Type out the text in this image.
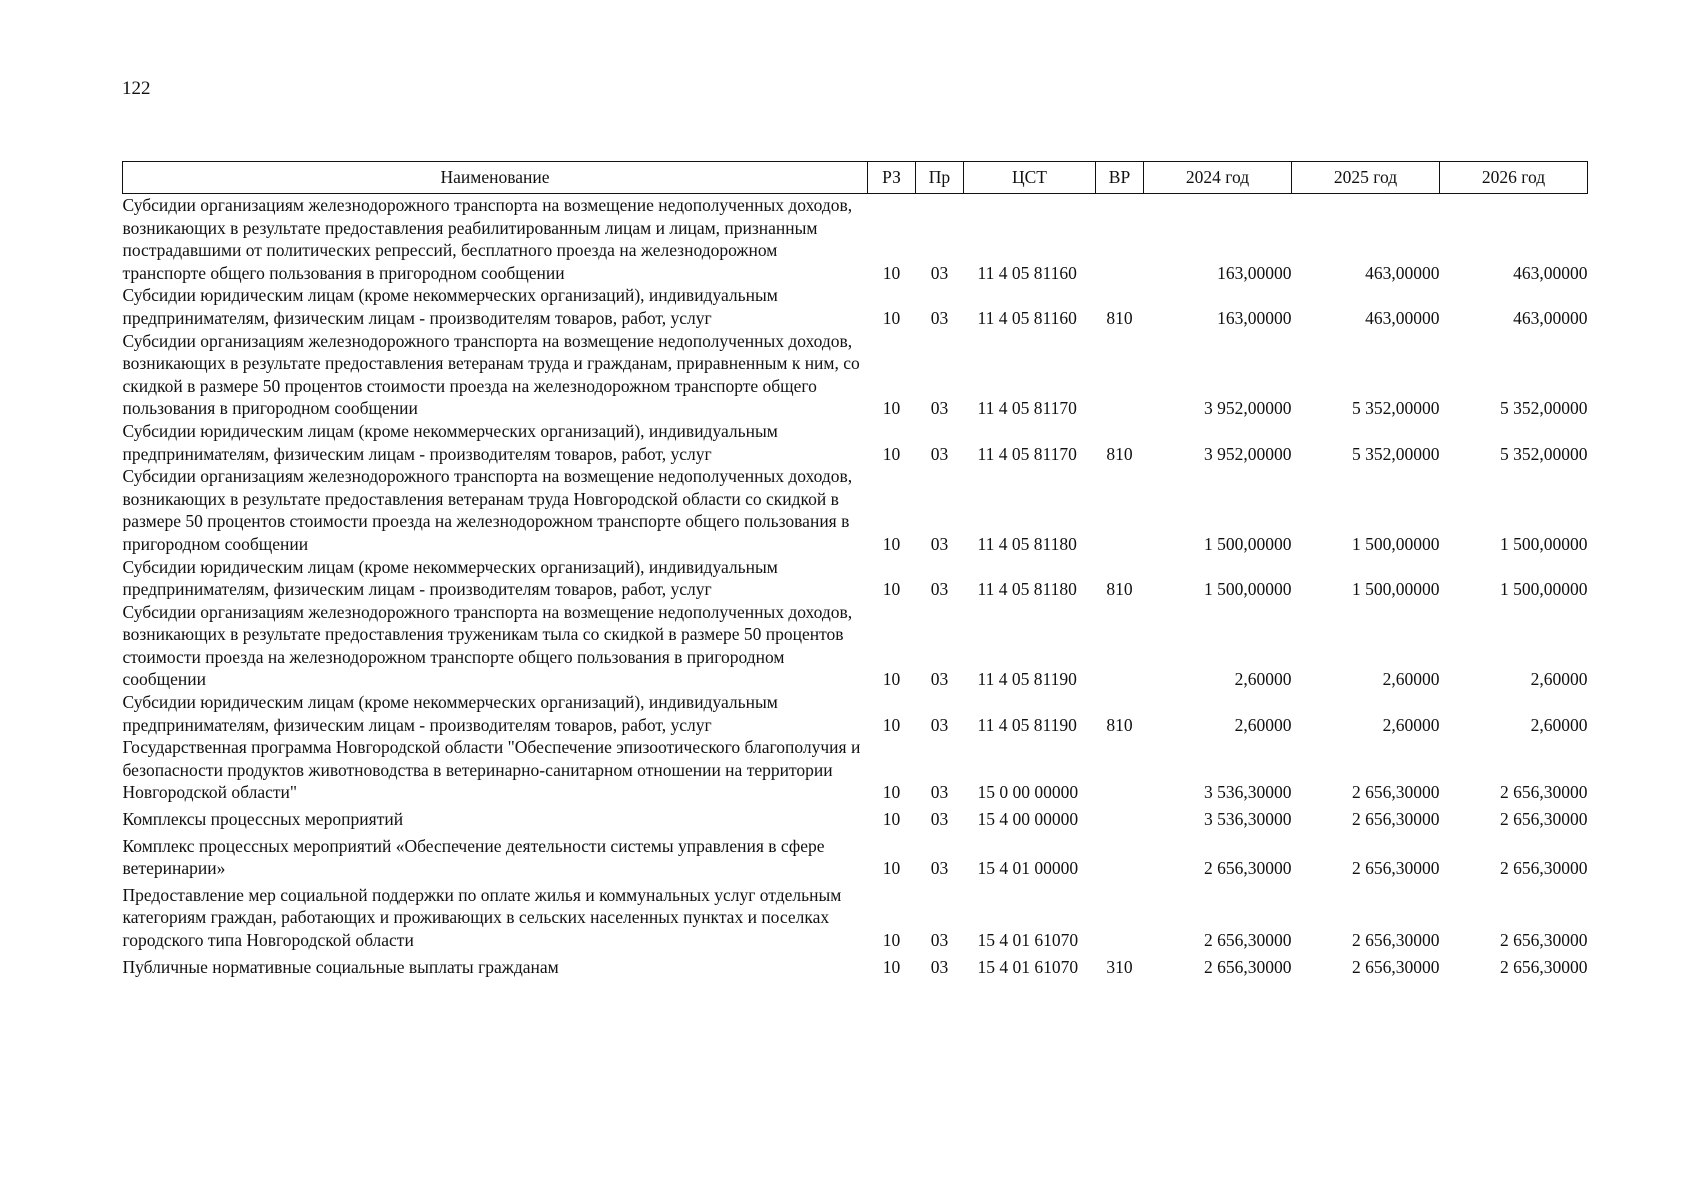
122
Наименование	РЗ	Пр	ЦСТ	ВР	2024 год	2025 год	2026 год
Субсидии организациям железнодорожного транспорта на возмещение недополученных доходов, возникающих в результате предоставления реабилитированным лицам и лицам, признанным пострадавшими от политических репрессий, бесплатного проезда на железнодорожном транспорте общего пользования в пригородном сообщении	10	03	11 4 05 81160		163,00000	463,00000	463,00000
Субсидии юридическим лицам (кроме некоммерческих организаций), индивидуальным предпринимателям, физическим лицам - производителям товаров, работ, услуг	10	03	11 4 05 81160	810	163,00000	463,00000	463,00000
Субсидии организациям железнодорожного транспорта на возмещение недополученных доходов, возникающих в результате предоставления ветеранам труда и гражданам, приравненным к ним, со скидкой в размере 50 процентов стоимости проезда на железнодорожном транспорте общего пользования в пригородном сообщении	10	03	11 4 05 81170		3 952,00000	5 352,00000	5 352,00000
Субсидии юридическим лицам (кроме некоммерческих организаций), индивидуальным предпринимателям, физическим лицам - производителям товаров, работ, услуг	10	03	11 4 05 81170	810	3 952,00000	5 352,00000	5 352,00000
Субсидии организациям железнодорожного транспорта на возмещение недополученных доходов, возникающих в результате предоставления ветеранам труда Новгородской области со скидкой в размере 50 процентов стоимости проезда на железнодорожном транспорте общего пользования в пригородном сообщении	10	03	11 4 05 81180		1 500,00000	1 500,00000	1 500,00000
Субсидии юридическим лицам (кроме некоммерческих организаций), индивидуальным предпринимателям, физическим лицам - производителям товаров, работ, услуг	10	03	11 4 05 81180	810	1 500,00000	1 500,00000	1 500,00000
Субсидии организациям железнодорожного транспорта на возмещение недополученных доходов, возникающих в результате предоставления труженикам тыла со скидкой в размере 50 процентов стоимости проезда на железнодорожном транспорте общего пользования в пригородном сообщении	10	03	11 4 05 81190		2,60000	2,60000	2,60000
Субсидии юридическим лицам (кроме некоммерческих организаций), индивидуальным предпринимателям, физическим лицам - производителям товаров, работ, услуг	10	03	11 4 05 81190	810	2,60000	2,60000	2,60000
Государственная программа Новгородской области "Обеспечение эпизоотического благополучия и безопасности продуктов животноводства в ветеринарно-санитарном отношении на территории Новгородской области"	10	03	15 0 00 00000		3 536,30000	2 656,30000	2 656,30000
Комплексы процессных мероприятий	10	03	15 4 00 00000		3 536,30000	2 656,30000	2 656,30000
Комплекс процессных мероприятий «Обеспечение деятельности системы управления в сфере ветеринарии»	10	03	15 4 01 00000		2 656,30000	2 656,30000	2 656,30000
Предоставление мер социальной поддержки по оплате жилья и коммунальных услуг отдельным категориям граждан, работающих и проживающих в сельских населенных пунктах и поселках городского типа Новгородской области	10	03	15 4 01 61070		2 656,30000	2 656,30000	2 656,30000
Публичные нормативные социальные выплаты гражданам	10	03	15 4 01 61070	310	2 656,30000	2 656,30000	2 656,30000
